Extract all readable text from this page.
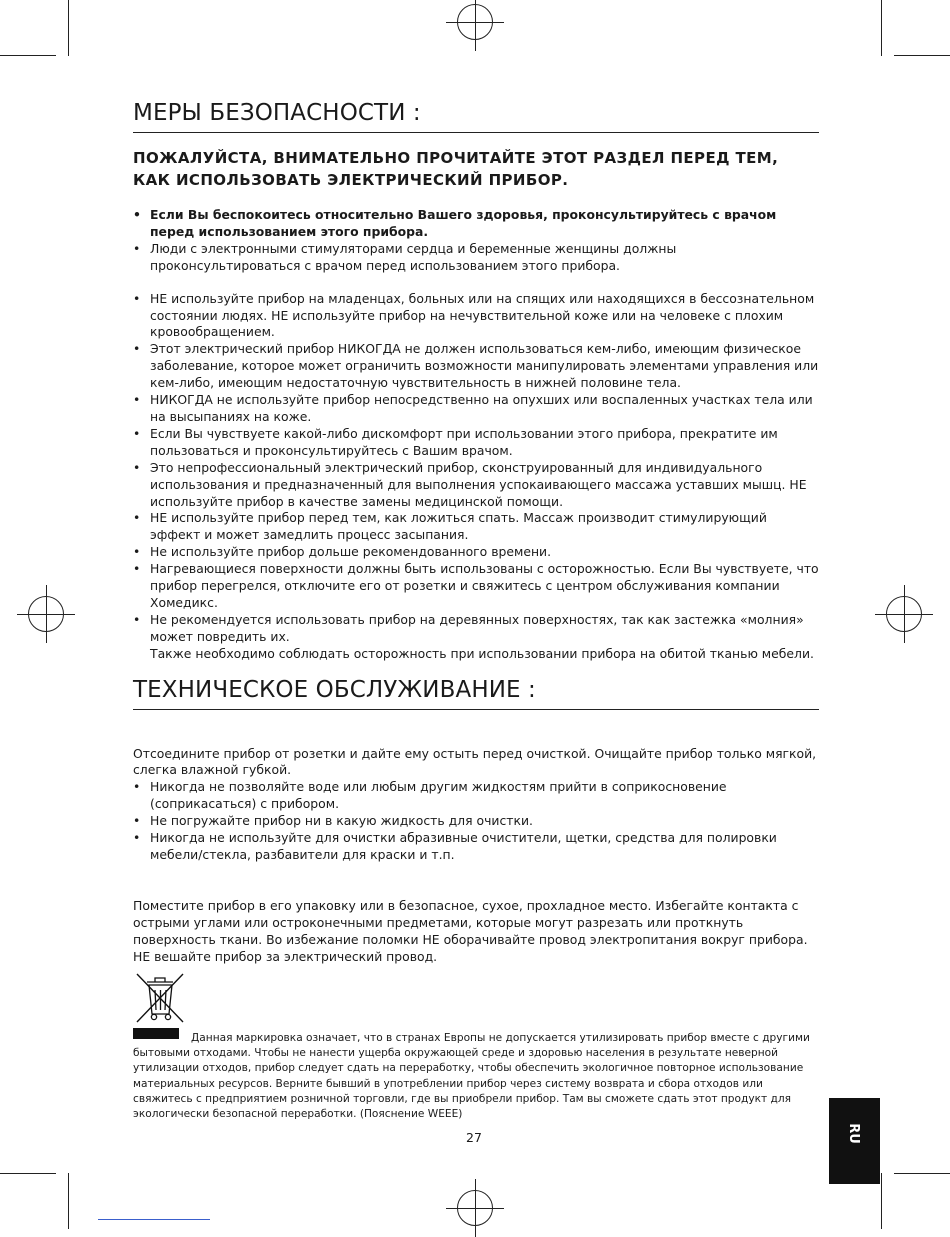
МЕРЫ БЕЗОПАСНОСТИ :
ПОЖАЛУЙСТА, ВНИМАТЕЛЬНО ПРОЧИТАЙТЕ ЭТОТ РАЗДЕЛ ПЕРЕД ТЕМ, КАК ИСПОЛЬЗОВАТЬ ЭЛЕКТРИЧЕСКИЙ ПРИБОР.
• Если Вы беспокоитесь относительно Вашего здоровья, проконсультируйтесь с врачом перед использованием этого прибора.
• Люди с электронными стимуляторами сердца и беременные женщины должны проконсультироваться с врачом перед использованием этого прибора.
• НЕ используйте прибор на младенцах, больных или на спящих или находящихся в бессознательном состоянии людях. НЕ используйте прибор на нечувствительной коже или на человеке с плохим кровообращением.
• Этот электрический прибор НИКОГДА не должен использоваться кем-либо, имеющим физическое заболевание, которое может ограничить возможности манипулировать элементами управления или кем-либо, имеющим недостаточную чувствительность в нижней половине тела.
• НИКОГДА не используйте прибор непосредственно на опухших или воспаленных участках тела или на высыпаниях на коже.
• Если Вы чувствуете какой-либо дискомфорт при использовании этого прибора, прекратите им пользоваться и проконсультируйтесь с Вашим врачом.
• Это непрофессиональный электрический прибор, сконструированный для индивидуального использования и предназначенный для выполнения успокаивающего массажа уставших мышц. НЕ используйте прибор в качестве замены медицинской помощи.
• НЕ используйте прибор перед тем, как ложиться спать. Массаж производит стимулирующий эффект и может замедлить процесс засыпания.
• Не используйте прибор дольше рекомендованного времени.
• Нагревающиеся поверхности должны быть использованы с осторожностью. Если Вы чувствуете, что прибор перегрелся, отключите его от розетки и свяжитесь с центром обслуживания компании Хомедикс.
• Не рекомендуется использовать прибор на деревянных поверхностях, так как застежка «молния» может повредить их.
Также необходимо соблюдать осторожность при использовании прибора на обитой тканью мебели.
ТЕХНИЧЕСКОЕ ОБСЛУЖИВАНИЕ :

Отсоедините прибор от розетки и дайте ему остыть перед очисткой. Очищайте прибор только мягкой, слегка влажной губкой.

• Никогда не позволяйте воде или любым другим жидкостям прийти в соприкосновение (соприкасаться) с прибором.
• Не погружайте прибор ни в какую жидкость для очистки.
• Никогда не используйте для очистки абразивные очистители, щетки, средства для полировки мебели/стекла, разбавители для краски и т.п.

Поместите прибор в его упаковку или в безопасное, сухое, прохладное место. Избегайте контакта с острыми углами или остроконечными предметами, которые могут разрезать или проткнуть поверхность ткани. Во избежание поломки НЕ оборачивайте провод электропитания вокруг прибора. НЕ вешайте прибор за электрический провод.

Данная маркировка означает, что в странах Европы не допускается утилизировать прибор вместе с другими бытовыми отходами. Чтобы не нанести ущерба окружающей среде и здоровью населения в результате неверной утилизации отходов, прибор следует сдать на переработку, чтобы обеспечить экологичное повторное использование материальных ресурсов. Верните бывший в употреблении прибор через систему возврата и сбора отходов или свяжитесь с предприятием розничной торговли, где вы приобрели прибор. Там вы сможете сдать этот продукт для экологически безопасной переработки. (Пояснение WEEE)
27	RU
